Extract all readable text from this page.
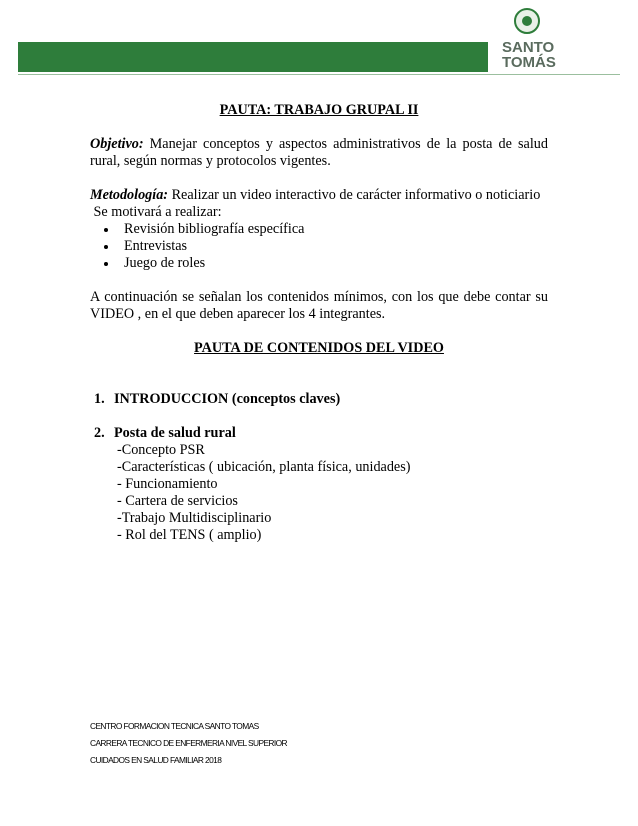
SANTO
TOMÁS

PAUTA: TRABAJO GRUPAL II

Objetivo: Manejar conceptos y aspectos administrativos de la posta de salud rural, según normas y protocolos vigentes.

Metodología: Realizar un video interactivo de carácter informativo o noticiario

Se motivará a realizar:

Revisión bibliografía específica
Entrevistas
Juego de roles

A continuación se señalan los contenidos mínimos, con los que debe contar su VIDEO , en el que deben aparecer los 4 integrantes.

PAUTA DE CONTENIDOS DEL VIDEO

1. INTRODUCCION (conceptos claves)
2. Posta de salud rural
-Concepto PSR
-Características ( ubicación, planta física, unidades)
- Funcionamiento
- Cartera de servicios
-Trabajo Multidisciplinario
- Rol del TENS ( amplio)
CENTRO FORMACION TECNICA SANTO TOMAS
CARRERA TECNICO DE ENFERMERIA NIVEL SUPERIOR
CUIDADOS EN SALUD FAMILIAR 2018
